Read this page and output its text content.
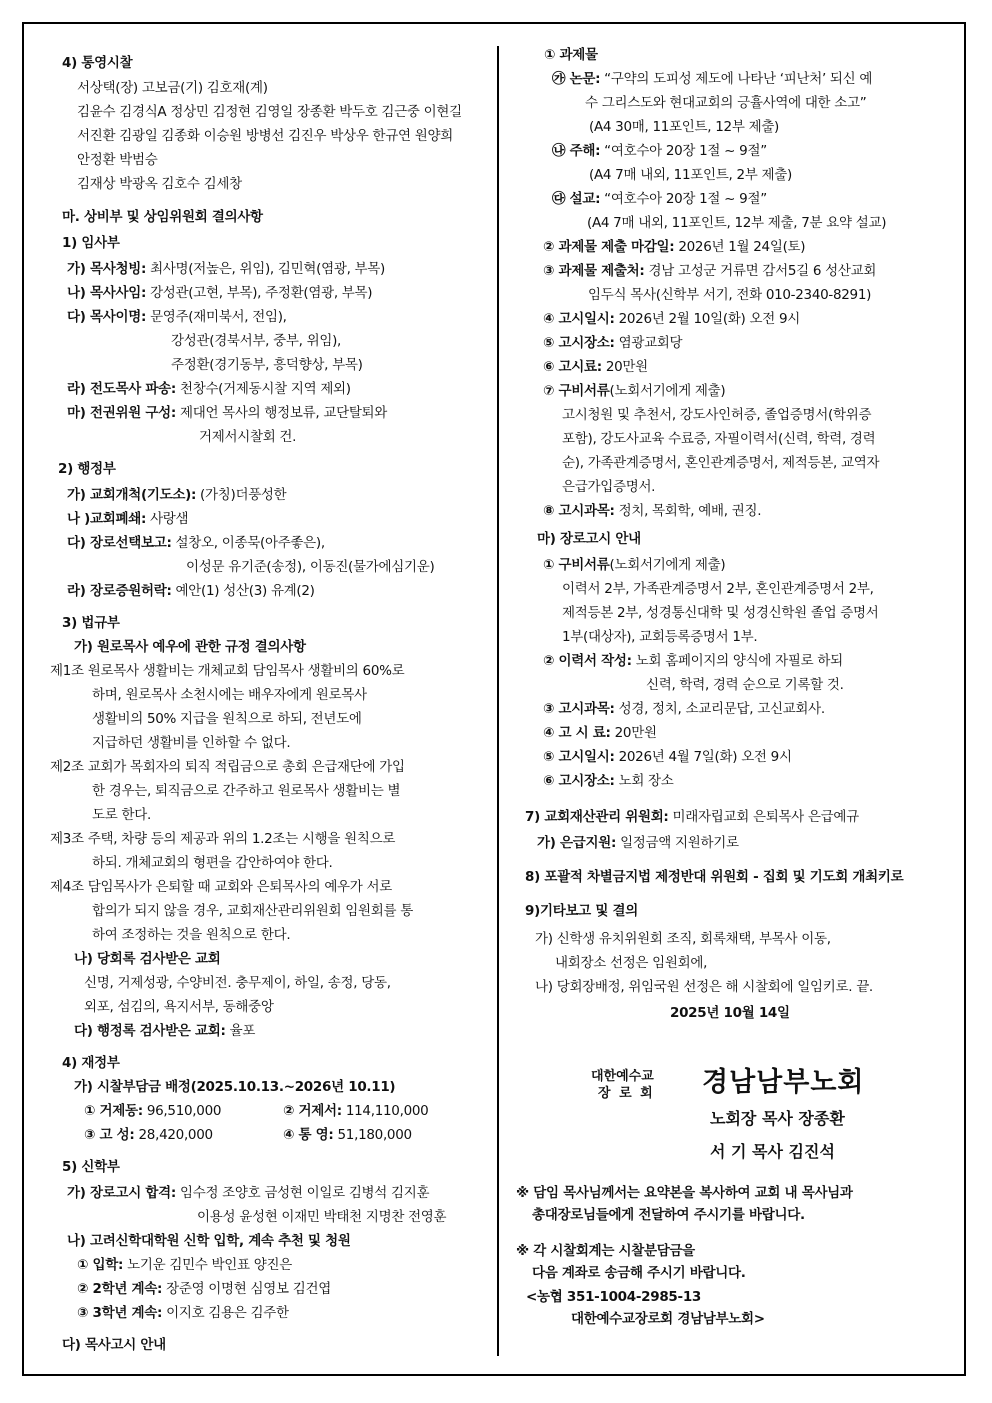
4) 통영시찰
서상택(장) 고보금(기) 김호재(계)
김윤수 김경식A 정상민 김정현 김영일 장종환 박두호 김근중 이현길
서진환 김광일 김종화 이승원 방병선 김진우 박상우 한규연 원양희
안정환 박범승
김재상 박광옥 김호수 김세창
마. 상비부 및 상임위원회 결의사항
1) 임사부
가) 목사청빙: 최사명(저높은, 위임), 김민혁(염광, 부목)
나) 목사사임: 강성관(고현, 부목), 주정환(염광, 부목)
다) 목사이명: 문영주(재미북서, 전임),
강성관(경북서부, 중부, 위임),
주정환(경기동부, 흥덕향상, 부목)
라) 전도목사 파송: 천창수(거제동시찰 지역 제외)
마) 전권위원 구성: 제대언 목사의 행정보류, 교단탈퇴와
거제서시찰회 건.
2) 행정부
가) 교회개척(기도소): (가칭)더풍성한
나 )교회폐쇄: 사랑샘
다) 장로선택보고: 설창오, 이종묵(아주좋은),
이성문 유기준(송정), 이동진(물가에심기운)
라) 장로증원허락: 예안(1) 성산(3) 유계(2)
3) 법규부
가) 원로목사 예우에 관한 규정 결의사항
제1조 원로목사 생활비는 개체교회 담임목사 생활비의 60%로
하며, 원로목사 소천시에는 배우자에게 원로목사
생활비의 50% 지급을 원칙으로 하되, 전년도에
지급하던 생활비를 인하할 수 없다.
제2조 교회가 목회자의 퇴직 적립금으로 총회 은급재단에 가입
한 경우는, 퇴직금으로 간주하고 원로목사 생활비는 별
도로 한다.
제3조 주택, 차량 등의 제공과 위의 1.2조는 시행을 원칙으로
하되. 개체교회의 형편을 감안하여야 한다.
제4조 담임목사가 은퇴할 때 교회와 은퇴목사의 예우가 서로
합의가 되지 않을 경우, 교회재산관리위원회 임원회를 통
하여 조정하는 것을 원칙으로 한다.
나) 당회록 검사받은 교회
신명, 거제성광, 수양비전. 충무제이, 하일, 송정, 당동,
외포, 섬김의, 욕지서부, 동해중앙
다) 행정록 검사받은 교회: 율포
4) 재정부
가) 시찰부담금 배정(2025.10.13.~2026년 10.11)
① 거제동: 96,510,000	② 거제서: 114,110,000
③ 고 성: 28,420,000	④ 통 영: 51,180,000
5) 신학부
가) 장로고시 합격: 임수정 조양호 금성현 이일로 김병석 김지훈
이용성 윤성현 이재민 박태천 지명찬 전영훈
나) 고려신학대학원 신학 입학, 계속 추천 및 청원
① 입학: 노기운 김민수 박인표 양진은
② 2학년 계속: 장준영 이명현 심영보 김건엽
③ 3학년 계속: 이지호 김용은 김주한
다) 목사고시 안내
① 과제물
㉮ 논문: “구약의 도피성 제도에 나타난 ‘피난처’ 되신 예
수 그리스도와 현대교회의 긍휼사역에 대한 소고”
(A4 30매, 11포인트, 12부 제출)
㉯ 주해: “여호수아 20장 1절 ~ 9절”
(A4 7매 내외, 11포인트, 2부 제출)
㉰ 설교: “여호수아 20장 1절 ~ 9절”
(A4 7매 내외, 11포인트, 12부 제출, 7분 요약 설교)
② 과제물 제출 마감일: 2026년 1월 24일(토)
③ 과제물 제출처: 경남 고성군 거류면 감서5길 6 성산교회
임두식 목사(신학부 서기, 전화 010-2340-8291)
④ 고시일시: 2026년 2월 10일(화) 오전 9시
⑤ 고시장소: 염광교회당
⑥ 고시료: 20만원
⑦ 구비서류(노회서기에게 제출)
고시청원 및 추천서, 강도사인허증, 졸업증명서(학위증
포함), 강도사교육 수료증, 자필이력서(신력, 학력, 경력
순), 가족관계증명서, 혼인관계증명서, 제적등본, 교역자
은급가입증명서.
⑧ 고시과목: 정치, 목회학, 예배, 권징.
마) 장로고시 안내
① 구비서류(노회서기에게 제출)
이력서 2부, 가족관계증명서 2부, 혼인관계증명서 2부,
제적등본 2부, 성경통신대학 및 성경신학원 졸업 증명서
1부(대상자), 교회등록증명서 1부.
② 이력서 작성: 노회 홈페이지의 양식에 자필로 하되
신력, 학력, 경력 순으로 기록할 것.
③ 고시과목: 성경, 정치, 소교리문답, 고신교회사.
④ 고 시 료: 20만원
⑤ 고시일시: 2026년 4월 7일(화) 오전 9시
⑥ 고시장소: 노회 장소
7) 교회재산관리 위원회: 미래자립교회 은퇴목사 은급예규
가) 은급지원: 일정금액 지원하기로
8) 포괄적 차별금지법 제정반대 위원회 - 집회 및 기도회 개최키로
9)기타보고 및 결의
가) 신학생 유치위원회 조직, 회록채택, 부목사 이동,
내회장소 선정은 임원회에,
나) 당회장배정, 위임국원 선정은 해 시찰회에 일임키로. 끝.
2025년 10월 14일
대한예수교
장 로 회 경남남부노회
노회장 목사 장종환
서 기 목사 김진석
※ 담임 목사님께서는 요약본을 복사하여 교회 내 목사님과
총대장로님들에게 전달하여 주시기를 바랍니다.
※ 각 시찰회계는 시찰분담금을
다음 계좌로 송금해 주시기 바랍니다.
<농협 351-1004-2985-13
대한예수교장로회 경남남부노회>
